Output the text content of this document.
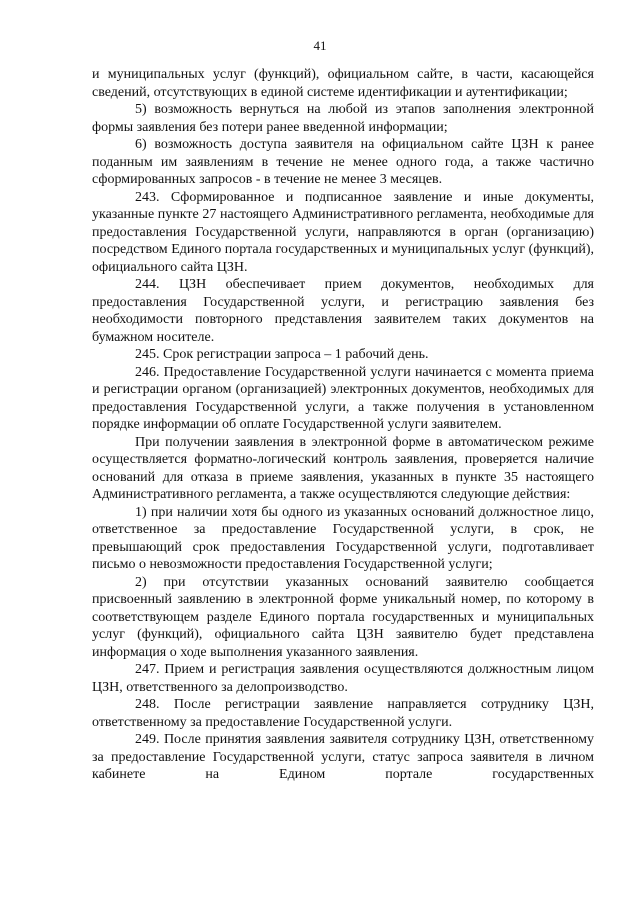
41

и муниципальных услуг (функций), официальном сайте, в части, касающейся сведений, отсутствующих в единой системе идентификации и аутентификации;

5) возможность вернуться на любой из этапов заполнения электронной формы заявления без потери ранее введенной информации;

6) возможность доступа заявителя на официальном сайте ЦЗН к ранее поданным им заявлениям в течение не менее одного года, а также частично сформированных запросов - в течение не менее 3 месяцев.

243. Сформированное и подписанное заявление и иные документы, указанные пункте 27 настоящего Административного регламента, необходимые для предоставления Государственной услуги, направляются в орган (организацию) посредством Единого портала государственных и муниципальных услуг (функций), официального сайта ЦЗН.

244. ЦЗН обеспечивает прием документов, необходимых для предоставления Государственной услуги, и регистрацию заявления без необходимости повторного представления заявителем таких документов на бумажном носителе.

245. Срок регистрации запроса – 1 рабочий день.

246. Предоставление Государственной услуги начинается с момента приема и регистрации органом (организацией) электронных документов, необходимых для предоставления Государственной услуги, а также получения в установленном порядке информации об оплате Государственной услуги заявителем.

При получении заявления в электронной форме в автоматическом режиме осуществляется форматно-логический контроль заявления, проверяется наличие оснований для отказа в приеме заявления, указанных в пункте 35 настоящего Административного регламента, а также осуществляются следующие действия:

1) при наличии хотя бы одного из указанных оснований должностное лицо, ответственное за предоставление Государственной услуги, в срок, не превышающий срок предоставления Государственной услуги, подготавливает письмо о невозможности предоставления Государственной услуги;

2) при отсутствии указанных оснований заявителю сообщается присвоенный заявлению в электронной форме уникальный номер, по которому в соответствующем разделе Единого портала государственных и муниципальных услуг (функций), официального сайта ЦЗН заявителю будет представлена информация о ходе выполнения указанного заявления.

247. Прием и регистрация заявления осуществляются должностным лицом ЦЗН, ответственного за делопроизводство.

248. После регистрации заявление направляется сотруднику ЦЗН, ответственному за предоставление Государственной услуги.

249. После принятия заявления заявителя сотруднику ЦЗН, ответственному за предоставление Государственной услуги, статус запроса заявителя в личном кабинете на Едином портале государственных
